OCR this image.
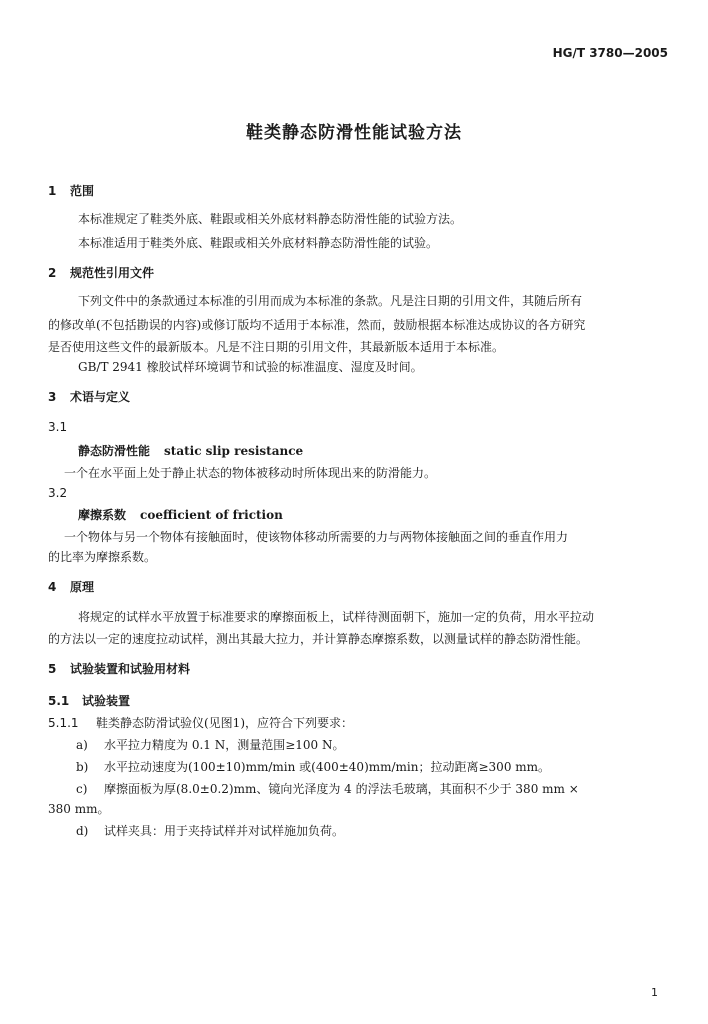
HG/T 3780—2005
鞋类静态防滑性能试验方法
1 范围
本标准规定了鞋类外底、鞋跟或相关外底材料静态防滑性能的试验方法。
本标准适用于鞋类外底、鞋跟或相关外底材料静态防滑性能的试验。
2 规范性引用文件
下列文件中的条款通过本标准的引用而成为本标准的条款。凡是注日期的引用文件，其随后所有
的修改单(不包括勘误的内容)或修订版均不适用于本标准，然而，鼓励根据本标准达成协议的各方研究
是否使用这些文件的最新版本。凡是不注日期的引用文件，其最新版本适用于本标准。
GB/T 2941 橡胶试样环境调节和试验的标准温度、湿度及时间。
3 术语与定义
3.1
静态防滑性能 static slip resistance
一个在水平面上处于静止状态的物体被移动时所体现出来的防滑能力。
3.2
摩擦系数 coefficient of friction
一个物体与另一个物体有接触面时，使该物体移动所需要的力与两物体接触面之间的垂直作用力
的比率为摩擦系数。
4 原理
将规定的试样水平放置于标准要求的摩擦面板上，试样待测面朝下，施加一定的负荷，用水平拉动
的方法以一定的速度拉动试样，测出其最大拉力，并计算静态摩擦系数，以测量试样的静态防滑性能。
5 试验装置和试验用材料
5.1 试验装置
5.1.1 鞋类静态防滑试验仪(见图1)，应符合下列要求：
a) 水平拉力精度为 0.1 N，测量范围≥100 N。
b) 水平拉动速度为(100±10)mm/min 或(400±40)mm/min；拉动距离≥300 mm。
c) 摩擦面板为厚(8.0±0.2)mm、镜向光泽度为 4 的浮法毛玻璃，其面积不少于 380 mm ×
380 mm。
d) 试样夹具：用于夹持试样并对试样施加负荷。
1
